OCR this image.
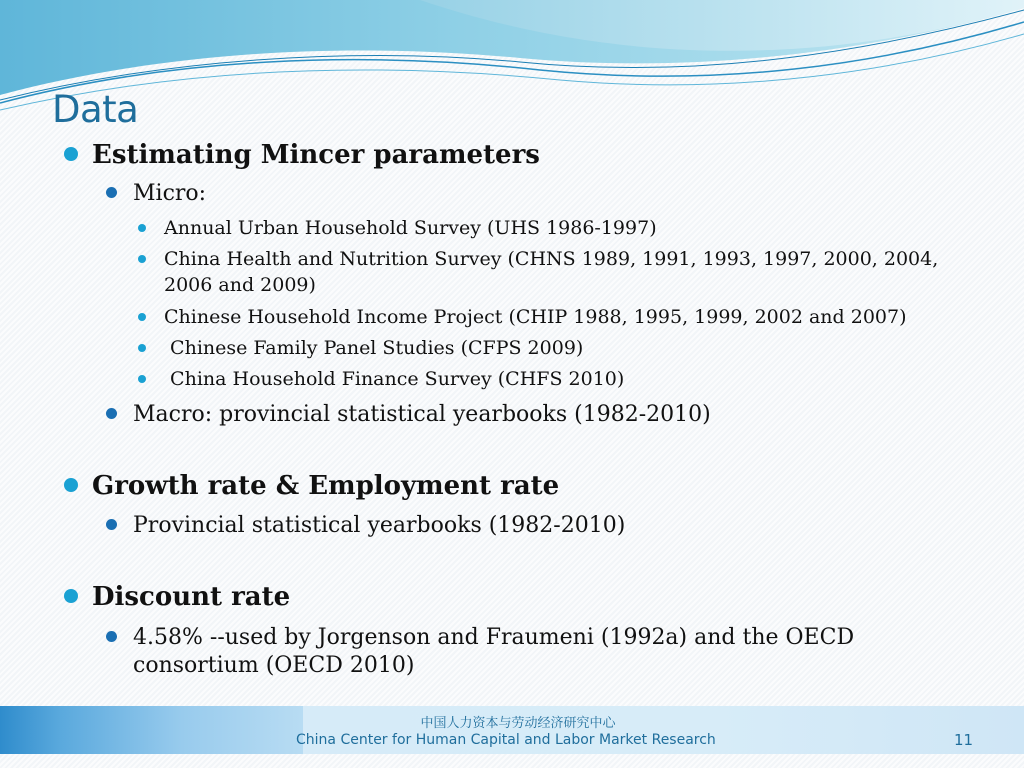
Data

Estimating Mincer parameters

Micro:

Annual Urban Household Survey (UHS 1986-1997)

China Health and Nutrition Survey (CHNS 1989, 1991, 1993, 1997, 2000, 2004,

2006 and 2009)

Chinese Household Income Project (CHIP 1988, 1995, 1999, 2002 and 2007)

Chinese Family Panel Studies (CFPS 2009)

China Household Finance Survey (CHFS 2010)

Macro: provincial statistical yearbooks (1982-2010)

Growth rate & Employment rate

Provincial statistical yearbooks (1982-2010)

Discount rate

4.58% --used by Jorgenson and Fraumeni (1992a) and the OECD

consortium (OECD 2010)

中国人力资本与劳动经济研究中心
China Center for Human Capital and Labor Market Research	11
